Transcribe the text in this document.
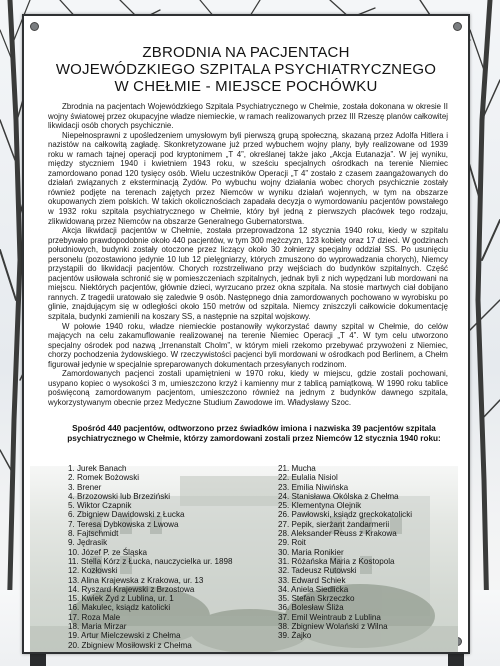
ZBRODNIA NA PACJENTACH
WOJEWÓDZKIEGO SZPITALA PSYCHIATRYCZNEGO
W CHEŁMIE - MIEJSCE POCHÓWKU

Zbrodnia na pacjentach Wojewódzkiego Szpitala Psychiatrycznego w Chełmie, została dokonana w okresie II wojny światowej przez okupacyjne władze niemieckie, w ramach realizowanych przez III Rzeszę planów całkowitej likwidacji osób chorych psychicznie.

Niepełnosprawni z upośledzeniem umysłowym byli pierwszą grupą społeczną, skazaną przez Adolfa Hitlera i nazistów na całkowitą zagładę. Skonkretyzowane już przed wybuchem wojny plany, były realizowane od 1939 roku w ramach tajnej operacji pod kryptonimem „T 4”, określanej także jako „Akcja Eutanazja”. W jej wyniku, między styczniem 1940 i kwietniem 1943 roku, w sześciu specjalnych ośrodkach na terenie Niemiec zamordowano ponad 120 tysięcy osób. Wielu uczestników Operacji „T 4” zostało z czasem zaangażowanych do działań związanych z eksterminacją Żydów. Po wybuchu wojny działania wobec chorych psychicznie zostały również podjęte na terenach zajętych przez Niemców w wyniku działań wojennych, w tym na obszarze okupowanych ziem polskich. W takich okolicznościach zapadała decyzja o wymordowaniu pacjentów powstałego w 1932 roku szpitala psychiatrycznego w Chełmie, który był jedną z pierwszych placówek tego rodzaju, zlikwidowaną przez Niemców na obszarze Generalnego Gubernatorstwa.

Akcja likwidacji pacjentów w Chełmie, została przeprowadzona 12 stycznia 1940 roku, kiedy w szpitalu przebywało prawdopodobnie około 440 pacjentów, w tym 300 mężczyzn, 123 kobiety oraz 17 dzieci. W godzinach południowych, budynki zostały otoczone przez liczący około 30 żołnierzy specjalny oddział SS. Po usunięciu personelu (pozostawiono jedynie 10 lub 12 pielęgniarzy, których zmuszono do wyprowadzania chorych), Niemcy przystąpili do likwidacji pacjentów. Chorych rozstrzeliwano przy wejściach do budynków szpitalnych. Część pacjentów usiłowała schronić się w pomieszczeniach szpitalnych, jednak byli z nich wypędzani lub mordowani na miejscu. Niektórych pacjentów, głównie dzieci, wyrzucano przez okna szpitala. Na stosie martwych ciał dobijano rannych. Z tragedii uratowało się zaledwie 9 osób. Następnego dnia zamordowanych pochowano w wyrobisku po glinie, znajdującym się w odległości około 150 metrów od szpitala. Niemcy zniszczyli całkowicie dokumentację szpitala, budynki zamienili na koszary SS, a następnie na szpital wojskowy.

W połowie 1940 roku, władze niemieckie postanowiły wykorzystać dawny szpital w Chełmie, do celów mających na celu zakamuflowanie realizowanej na terenie Niemiec Operacji „T 4”. W tym celu utworzono specjalny ośrodek pod nazwą „Irrenanstalt Cholm”, w którym mieli rzekomo przebywać przywożeni z Niemiec, chorzy pochodzenia żydowskiego. W rzeczywistości pacjenci byli mordowani w ośrodkach pod Berlinem, a Chełm figurował jedynie w specjalnie spreparowanych dokumentach przesyłanych rodzinom.

Zamordowanych pacjenci zostali upamiętnieni w 1970 roku, kiedy w miejscu, gdzie zostali pochowani, usypano kopiec o wysokości 3 m, umieszczono krzyż i kamienny mur z tablicą pamiątkową. W 1990 roku tablice poświęconą zamordowanym pacjentom, umieszczono również na jednym z budynków dawnego szpitala, wykorzystywanym obecnie przez Medyczne Studium Zawodowe im. Władysławy Szoc.

Spośród 440 pacjentów, odtworzono przez świadków imiona i nazwiska 39 pacjentów szpitala psychiatrycznego w Chełmie, którzy zamordowani zostali przez Niemców 12 stycznia 1940 roku:
1. Jurek Banach
2. Romek Bożowski
3. Brener
4. Brzozowski lub Brzeziński
5. Wiktor Czapnik
6. Zbigniew Dawidowski z Łucka
7. Teresa Dybkowska z Lwowa
8. Fajtschmidt
9. Jędrasik
10. Józef P. ze Śląska
11. Stella Kórz z Łucka, nauczycielka ur. 1898
12. Kozłowski
13. Alina Krajewska z Krakowa, ur. 13
14. Ryszard Krajewski z Brzostowa
15. Kwiek Żyd z Lublina, ur. 1
16. Makulec, ksiądz katolicki
17. Roza Male
18. Maria Mirzar
19. Artur Mielczewski z Chełma
20. Zbigniew Mosiłowski z Chełma
21. Mucha
22. Eulalia Nisiol
23. Emilia Niwińska
24. Stanisława Okólska z Chełma
25. Klementyna Olejnik
26. Pawłowski, ksiądz greckokatolicki
27. Pepik, sierżant żandarmerii
28. Aleksander Reuss z Krakowa
29. Roit
30. Maria Ronikier
31. Różańska Maria z Kostopola
32. Tadeusz Rutowski
33. Edward Schiek
34. Aniela Siedlicka
35. Stefan Skrzeczko
36. Bolesław Śliża
37. Emil Weintraub z Lublina
38. Zbigniew Wolański z Wilna
39. Żajko
